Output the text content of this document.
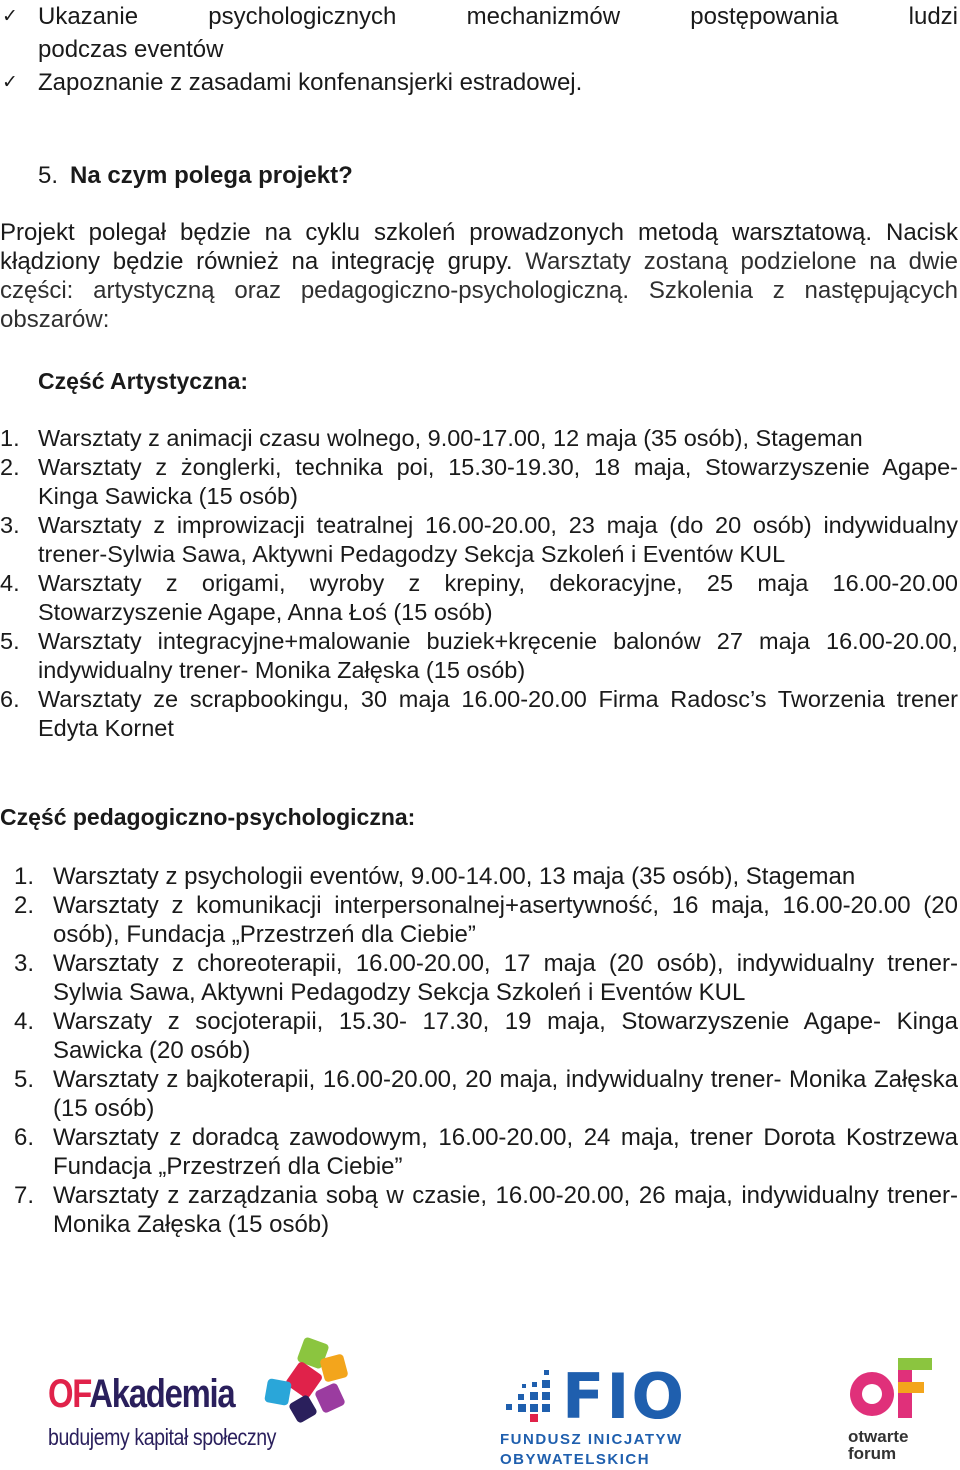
✓ Ukazanie psychologicznych mechanizmów postępowania ludzi
podczas eventów
✓ Zapoznanie z zasadami konfenansjerki estradowej.
5. Na czym polega projekt?
Projekt polegał będzie na cyklu szkoleń prowadzonych metodą warsztatową. Nacisk kłądziony będzie również na integrację grupy. Warsztaty zostaną podzielone na dwie części: artystyczną oraz pedagogiczno-psychologiczną. Szkolenia z następujących obszarów:
Część Artystyczna:
1. Warsztaty z animacji czasu wolnego, 9.00-17.00, 12 maja (35 osób), Stageman
2. Warsztaty z żonglerki, technika poi, 15.30-19.30, 18 maja, Stowarzyszenie Agape- Kinga Sawicka (15 osób)
3. Warsztaty z improwizacji teatralnej 16.00-20.00, 23 maja (do 20 osób) indywidualny trener-Sylwia Sawa, Aktywni Pedagodzy Sekcja Szkoleń i Eventów KUL
4. Warsztaty z origami, wyroby z krepiny, dekoracyjne, 25 maja 16.00-20.00 Stowarzyszenie Agape, Anna Łoś (15 osób)
5. Warsztaty integracyjne+malowanie buziek+kręcenie balonów 27 maja 16.00-20.00, indywidualny trener- Monika Załęska (15 osób)
6. Warsztaty ze scrapbookingu, 30 maja 16.00-20.00 Firma Radosc’s Tworzenia trener Edyta Kornet
Część pedagogiczno-psychologiczna:
1. Warsztaty z psychologii eventów, 9.00-14.00, 13 maja (35 osób), Stageman
2. Warsztaty z komunikacji interpersonalnej+asertywność, 16 maja, 16.00-20.00 (20 osób), Fundacja „Przestrzeń dla Ciebie”
3. Warsztaty z choreoterapii, 16.00-20.00, 17 maja (20 osób), indywidualny trener- Sylwia Sawa, Aktywni Pedagodzy Sekcja Szkoleń i Eventów KUL
4. Warszaty z socjoterapii, 15.30- 17.30, 19 maja, Stowarzyszenie Agape- Kinga Sawicka (20 osób)
5. Warsztaty z bajkoterapii, 16.00-20.00, 20 maja, indywidualny trener- Monika Załęska (15 osób)
6. Warsztaty z doradcą zawodowym, 16.00-20.00, 24 maja, trener Dorota Kostrzewa Fundacja „Przestrzeń dla Ciebie”
7. Warsztaty z zarządzania sobą w czasie, 16.00-20.00, 26 maja, indywidualny trener- Monika Załęska (15 osób)
OFAkademia
budujemy kapitał społeczny
FIO
FUNDUSZ INICJATYW
OBYWATELSKICH
otwarte
forum
